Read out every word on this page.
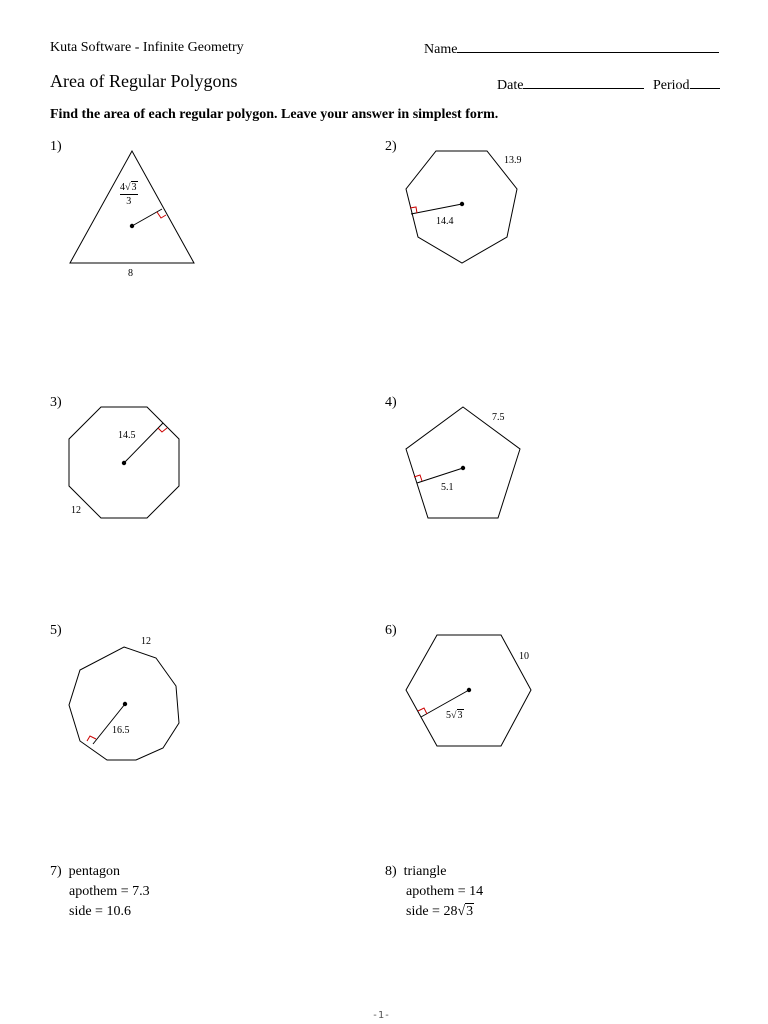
Kuta Software - Infinite Geometry	Name
Area of Regular Polygons	Date	Period
Find the area of each regular polygon. Leave your answer in simplest form.
1)	2)
3)	4)
5)	6)
4√3
3
8
13.9
14.4
14.5
12
7.5
5.1
12
16.5
10
5√3
7) pentagon
apothem = 7.3
side = 10.6
8) triangle
apothem = 14
side = 28√3
-1-
